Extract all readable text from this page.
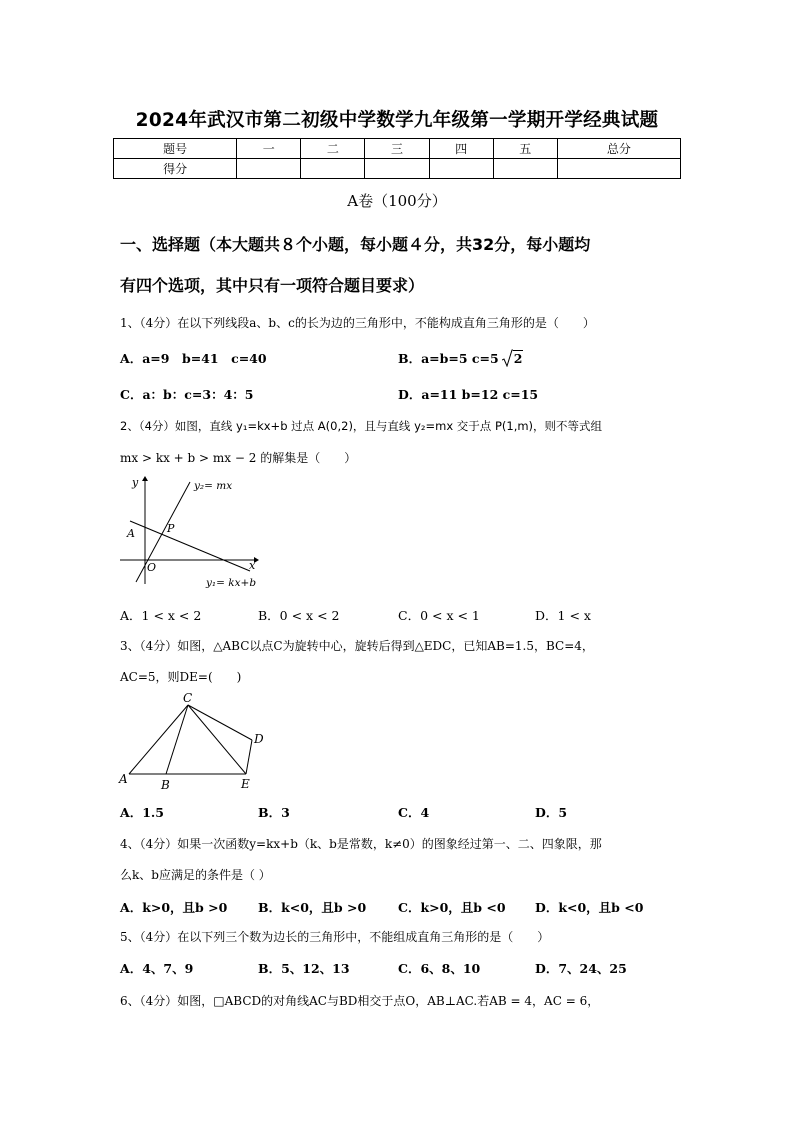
2024年武汉市第二初级中学数学九年级第一学期开学经典试题
题号	一	二	三	四	五	总分
得分						
A卷（100分）
一、选择题（本大题共８个小题，每小题４分，共32分，每小题均
有四个选项，其中只有一项符合题目要求）
1、（4分）在以下列线段a、b、c的长为边的三角形中，不能构成直角三角形的是（　　）
A．a=9　b=41　c=40	B．a=b=5 c=5 2
C．a：b：c=3：4：5	D．a=11 b=12 c=15
2、（4分）如图，直线 y₁=kx+b 过点 A(0,2)，且与直线 y₂=mx 交于点 P(1,m)，则不等式组
mx > kx + b > mx − 2 的解集是（　　）
y
x
O
A	P
y₂= mx
y₁= kx+b
A．1 < x < 2	B．0 < x < 2	C．0 < x < 1	D．1 < x
3、（4分）如图，△ABC以点C为旋转中心，旋转后得到△EDC，已知AB=1.5，BC=4，
AC=5，则DE=(　　)
C
D
A	B	E
A．1.5	B．3	C．4	D．5
4、（4分）如果一次函数y=kx+b（k、b是常数，k≠0）的图象经过第一、二、四象限，那
么k、b应满足的条件是（ ）
A．k>0，且b >0 B．k<0，且b >0	C．k>0，且b <0 D．k<0，且b <0
5、（4分）在以下列三个数为边长的三角形中，不能组成直角三角形的是（　　）
A．4、7、9	B．5、12、13	C．6、8、10	D．7、24、25
6、（4分）如图，□ABCD的对角线AC与BD相交于点O，AB⊥AC.若AB = 4，AC = 6，
